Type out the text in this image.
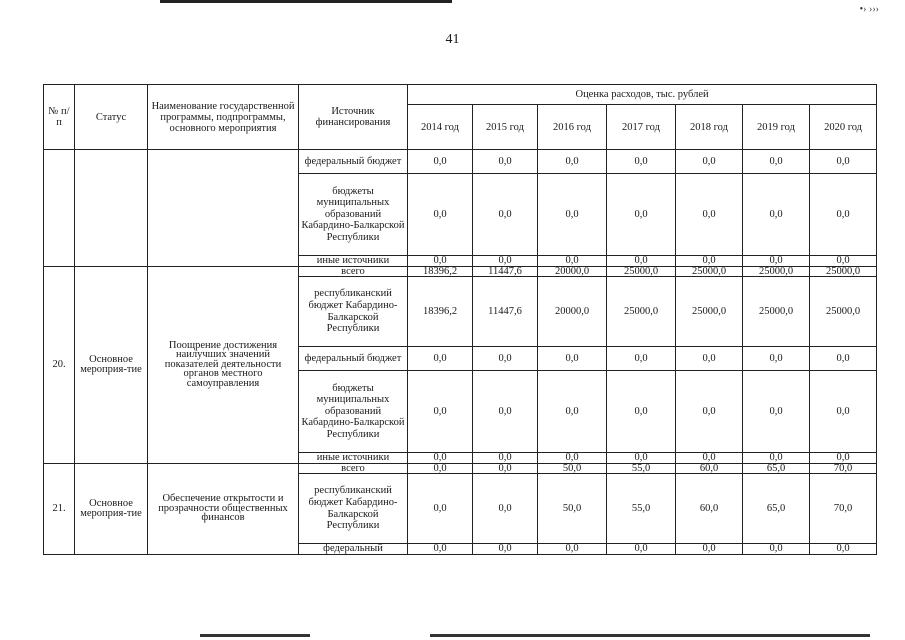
•› ›››
41
№ п/п	Статус	Наименование государственной программы, подпрограммы, основного мероприятия	Источник финансирования	Оценка расходов, тыс. рублей						
				2014 год	2015 год	2016 год	2017 год	2018 год	2019 год	2020 год
			федеральный бюджет	0,0	0,0	0,0	0,0	0,0	0,0	0,0
			бюджеты муниципальных образований Кабардино-Балкарской Республики	0,0	0,0	0,0	0,0	0,0	0,0	0,0
			иные источники	0,0	0,0	0,0	0,0	0,0	0,0	0,0
20.	Основное мероприя-тие	Поощрение достижения наилучших значений показателей деятельности органов местного самоуправления	всего	18396,2	11447,6	20000,0	25000,0	25000,0	25000,0	25000,0
			республиканский бюджет Кабардино-Балкарской Республики	18396,2	11447,6	20000,0	25000,0	25000,0	25000,0	25000,0
			федеральный бюджет	0,0	0,0	0,0	0,0	0,0	0,0	0,0
			бюджеты муниципальных образований Кабардино-Балкарской Республики	0,0	0,0	0,0	0,0	0,0	0,0	0,0
			иные источники	0,0	0,0	0,0	0,0	0,0	0,0	0,0
21.	Основное мероприя-тие	Обеспечение открытости и прозрачности общественных финансов	всего	0,0	0,0	50,0	55,0	60,0	65,0	70,0
			республиканский бюджет Кабардино-Балкарской Республики	0,0	0,0	50,0	55,0	60,0	65,0	70,0
			федеральный	0,0	0,0	0,0	0,0	0,0	0,0	0,0
